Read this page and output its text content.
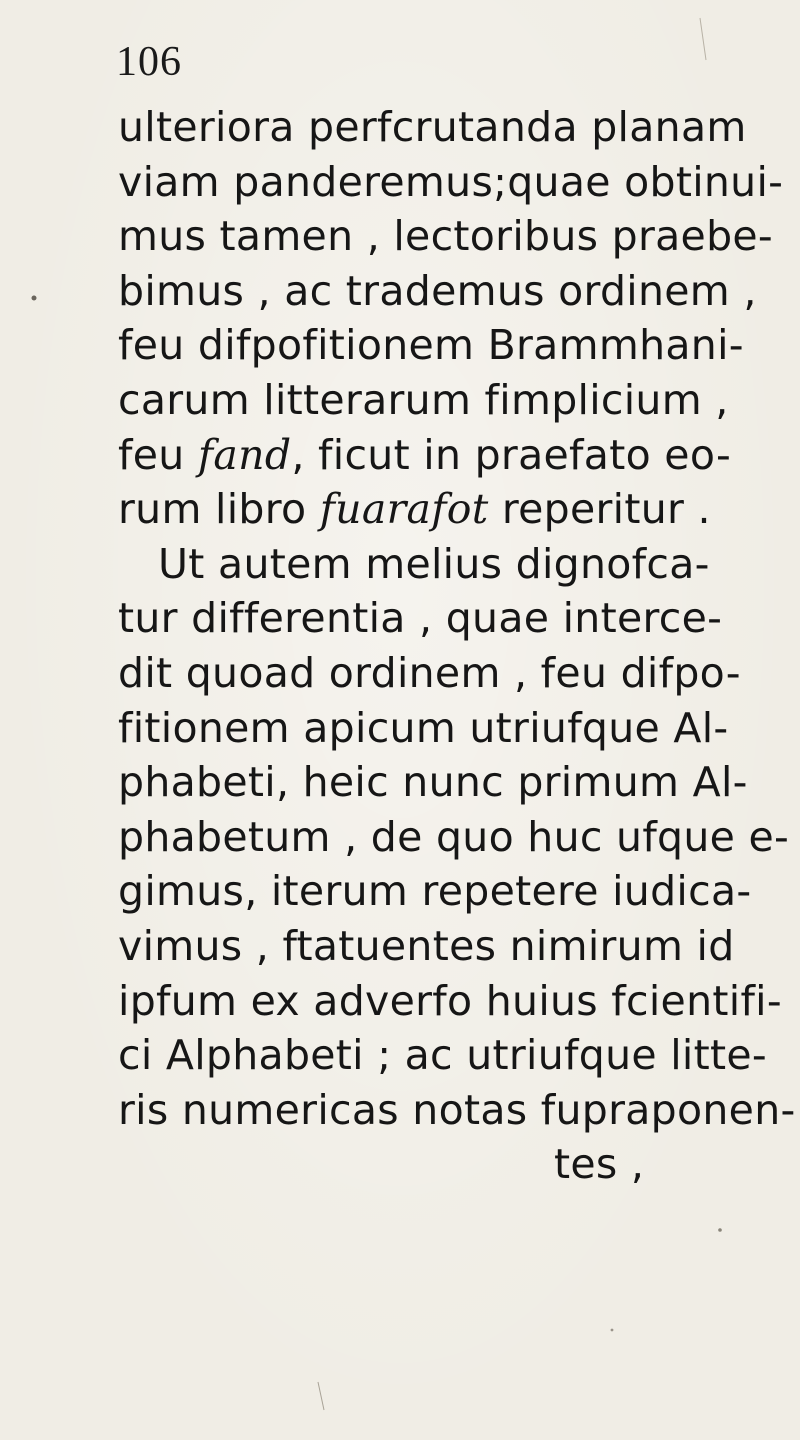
106
ulteriora perfcrutanda planam
viam panderemus;quae obtinui-
mus tamen , lectoribus praebe-
bimus , ac trademus ordinem ,
feu difpofitionem Brammhani-
carum litterarum fimplicium ,
feu fand, ficut in praefato eo-
rum libro fuarafot reperitur .
Ut autem melius dignofca-
tur differentia , quae interce-
dit quoad ordinem , feu difpo-
fitionem apicum utriufque Al-
phabeti, heic nunc primum Al-
phabetum , de quo huc ufque e-
gimus, iterum repetere iudica-
vimus , ftatuentes nimirum id
ipfum ex adverfo huius fcientifi-
ci Alphabeti ; ac utriufque litte-
ris numericas notas fupraponen-
tes ,
